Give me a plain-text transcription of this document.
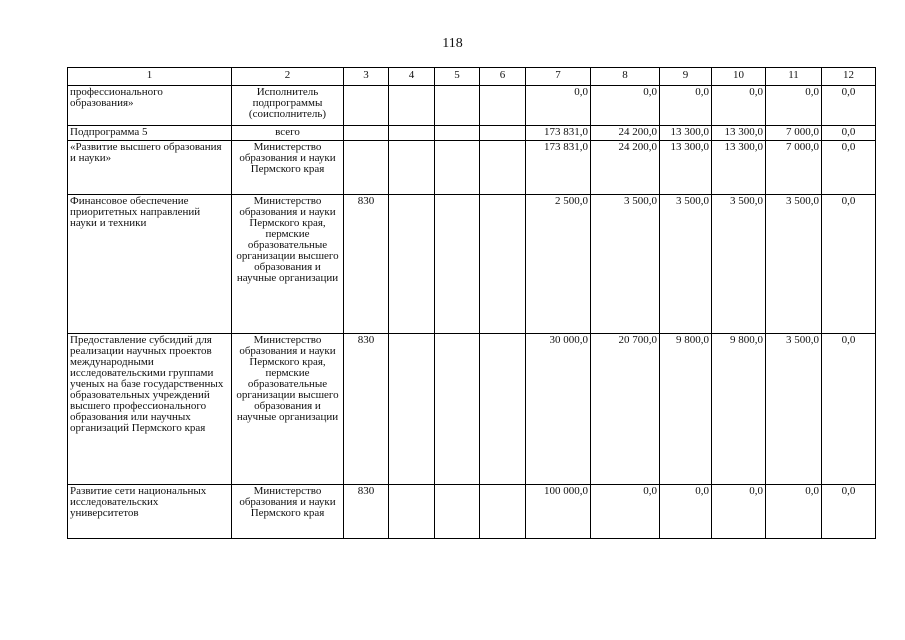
118
1	2	3	4	5	6	7	8	9	10	11	12
профессионального образования»	Исполнитель подпрограммы (соисполнитель)					0,0	0,0	0,0	0,0	0,0	0,0
Подпрограмма 5	всего					173 831,0	24 200,0	13 300,0	13 300,0	7 000,0	0,0
«Развитие высшего образования и науки»	Министерство образования и науки Пермского края					173 831,0	24 200,0	13 300,0	13 300,0	7 000,0	0,0
Финансовое обеспечение приоритетных направлений науки и техники	Министерство образования и науки Пермского края, пермские образовательные организации высшего образования и научные организации	830				2 500,0	3 500,0	3 500,0	3 500,0	3 500,0	0,0
Предоставление субсидий для реализации научных проектов международными исследовательскими группами ученых на базе государственных образовательных учреждений высшего профессионального образования или научных организаций Пермского края	Министерство образования и науки Пермского края, пермские образовательные организации высшего образования и научные организации	830				30 000,0	20 700,0	9 800,0	9 800,0	3 500,0	0,0
Развитие сети национальных исследовательских университетов	Министерство образования и науки Пермского края	830				100 000,0	0,0	0,0	0,0	0,0	0,0
